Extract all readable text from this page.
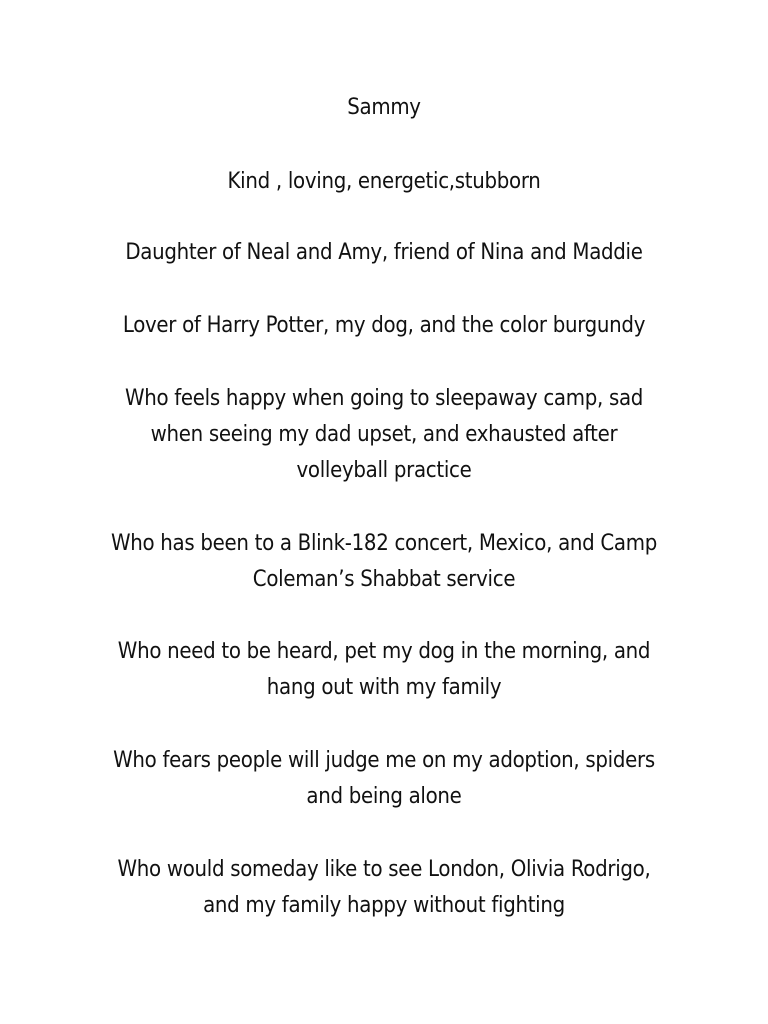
Sammy
Kind , loving, energetic,stubborn
Daughter of Neal and Amy, friend of Nina and Maddie
Lover of Harry Potter, my dog, and the color burgundy
Who feels happy when going to sleepaway camp, sad
when seeing my dad upset, and exhausted after
volleyball practice
Who has been to a Blink-182 concert, Mexico, and Camp
Coleman’s Shabbat service
Who need to be heard, pet my dog in the morning, and
hang out with my family
Who fears people will judge me on my adoption, spiders
and being alone
Who would someday like to see London, Olivia Rodrigo,
and my family happy without fighting
